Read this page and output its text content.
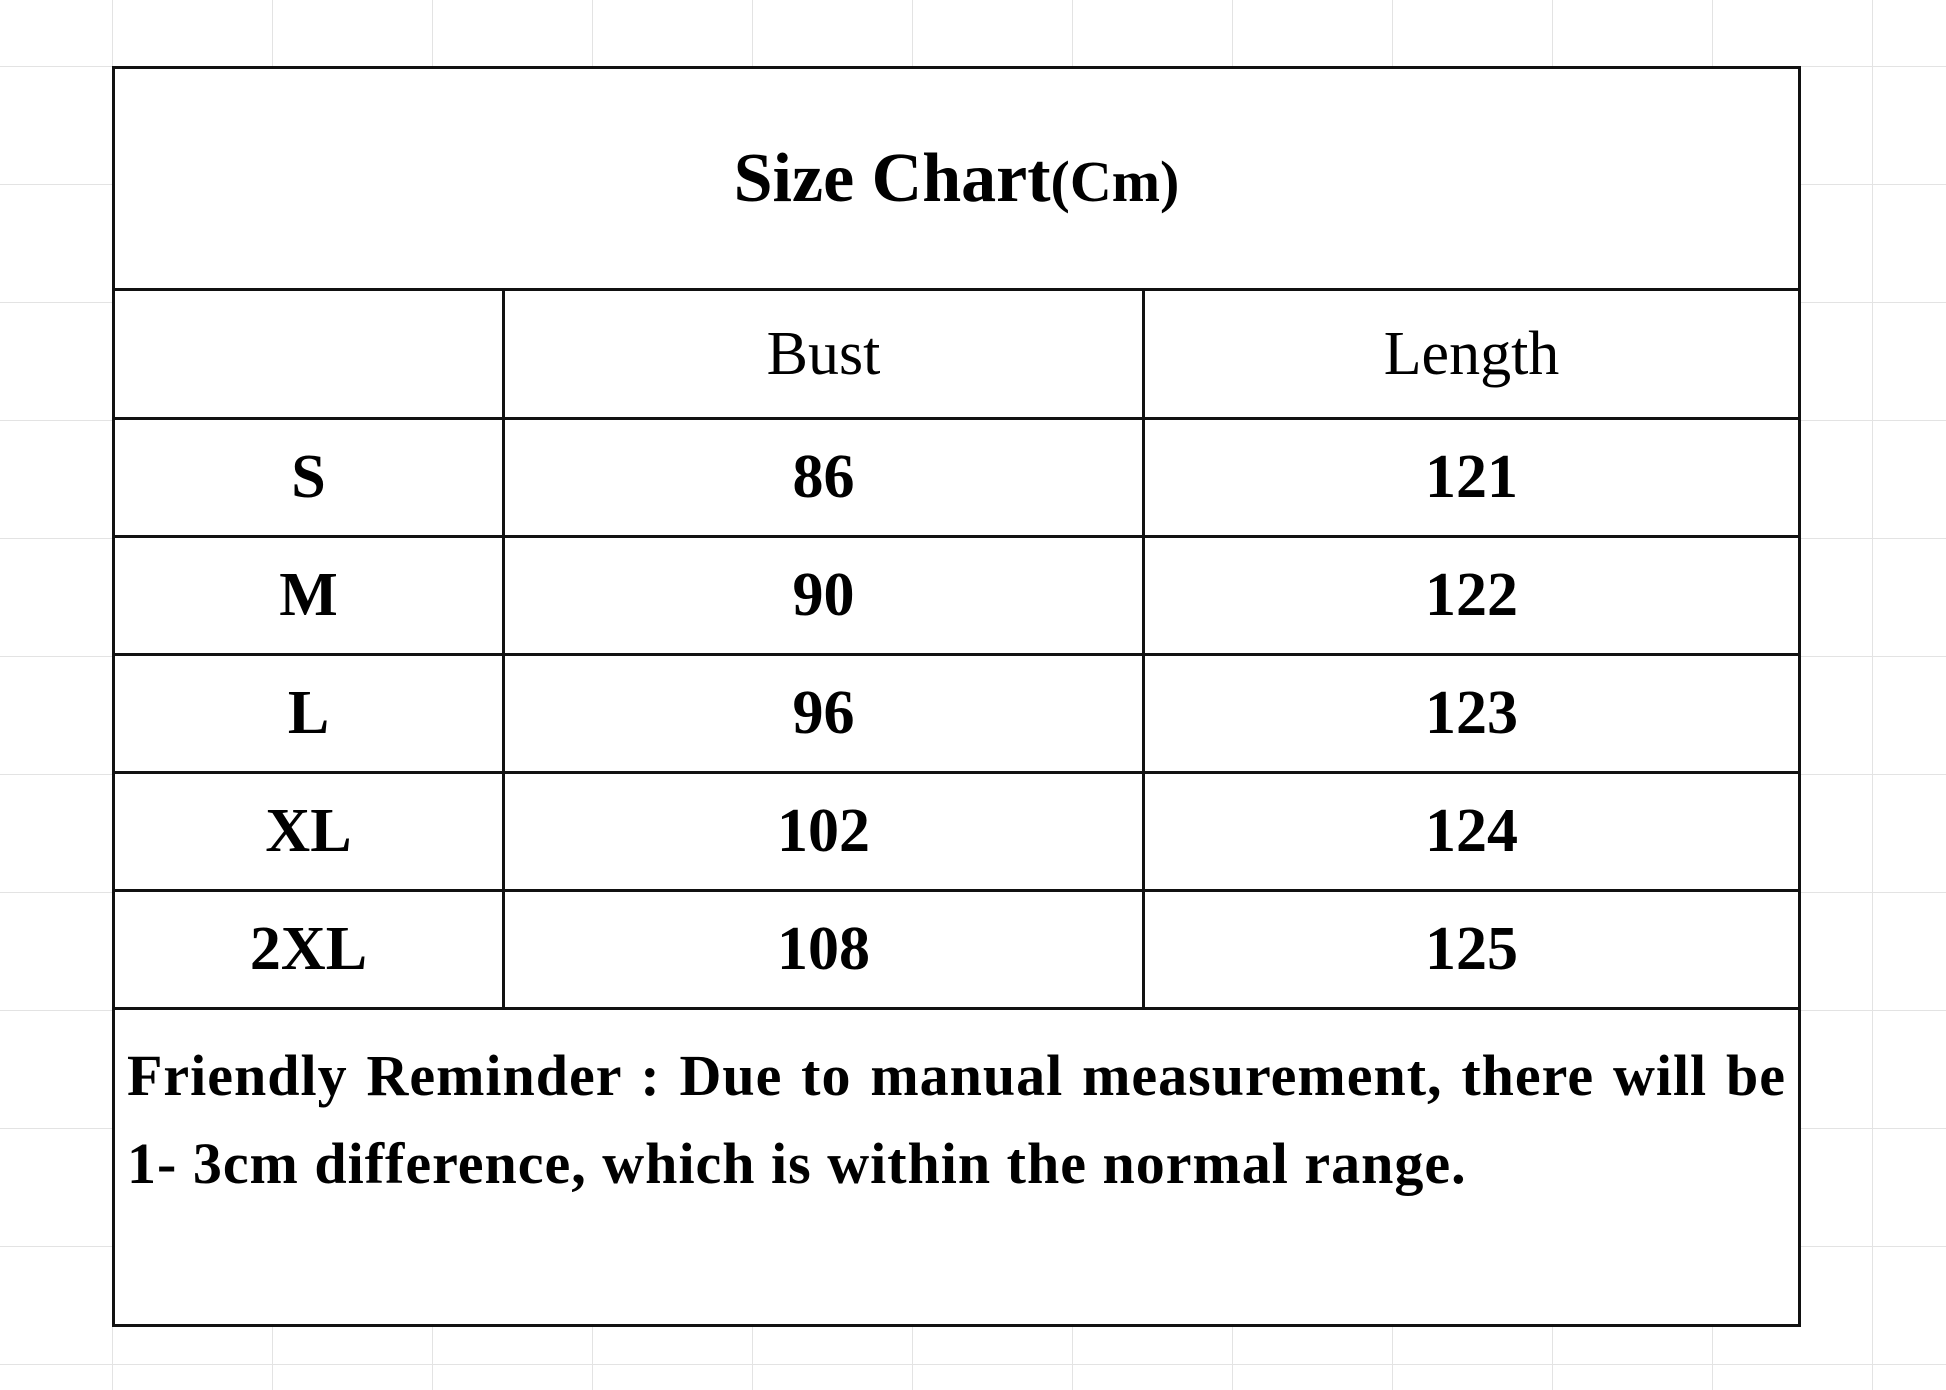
Size Chart(Cm)		
	Bust	Length
S	86	121
M	90	122
L	96	123
XL	102	124
2XL	108	125
Friendly Reminder : Due to manual measurement, there will be 1- 3cm difference, which is within the normal range.		
